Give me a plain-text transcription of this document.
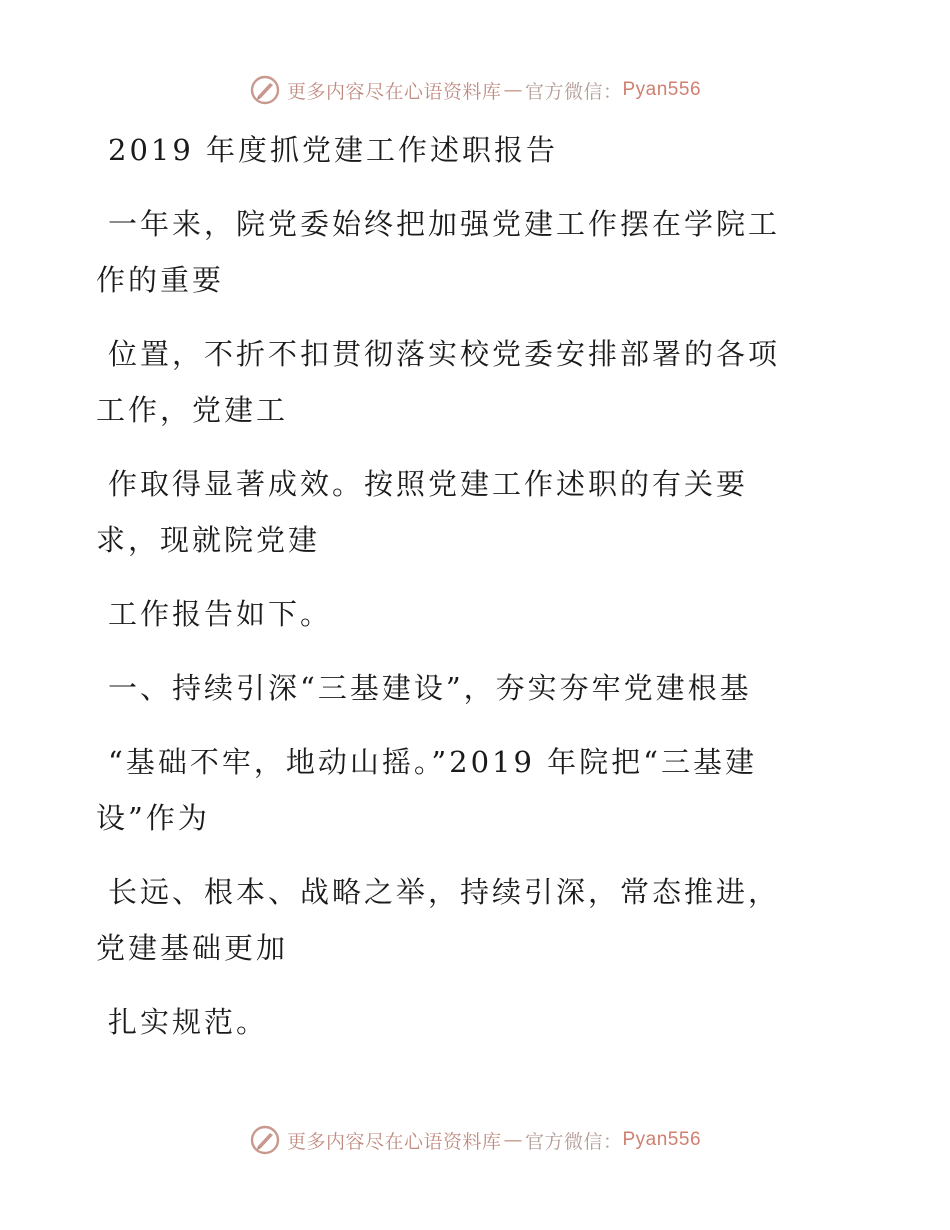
更多内容尽在心语资料库 — 官方微信： Pyan556

2019 年度抓党建工作述职报告

一年来，院党委始终把加强党建工作摆在学院工
作的重要

位置，不折不扣贯彻落实校党委安排部署的各项
工作，党建工

作取得显著成效。按照党建工作述职的有关要
求，现就院党建

工作报告如下。

一、持续引深“三基建设”，夯实夯牢党建根基

“基础不牢，地动山摇。”2019 年院把“三基建
设”作为

长远、根本、战略之举，持续引深，常态推进，
党建基础更加

扎实规范。

更多内容尽在心语资料库 — 官方微信： Pyan556
